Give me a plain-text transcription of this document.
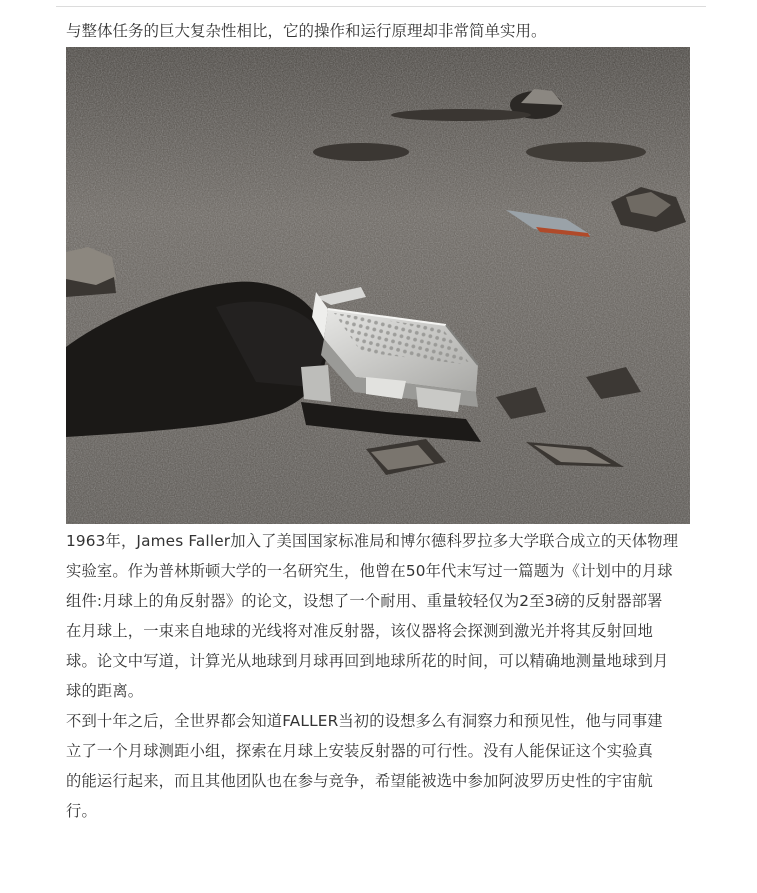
与整体任务的巨大复杂性相比，它的操作和运行原理却非常简单实用。

1963年，James Faller加入了美国国家标准局和博尔德科罗拉多大学联合成立的天体物理

实验室。作为普林斯顿大学的一名研究生，他曾在50年代末写过一篇题为《计划中的月球

组件:月球上的角反射器》的论文，设想了一个耐用、重量较轻仅为2至3磅的反射器部署

在月球上，一束来自地球的光线将对准反射器，该仪器将会探测到激光并将其反射回地

球。论文中写道，计算光从地球到月球再回到地球所花的时间，可以精确地测量地球到月

球的距离。

不到十年之后，全世界都会知道FALLER当初的设想多么有洞察力和预见性，他与同事建

立了一个月球测距小组，探索在月球上安装反射器的可行性。没有人能保证这个实验真

的能运行起来，而且其他团队也在参与竞争，希望能被选中参加阿波罗历史性的宇宙航

行。
